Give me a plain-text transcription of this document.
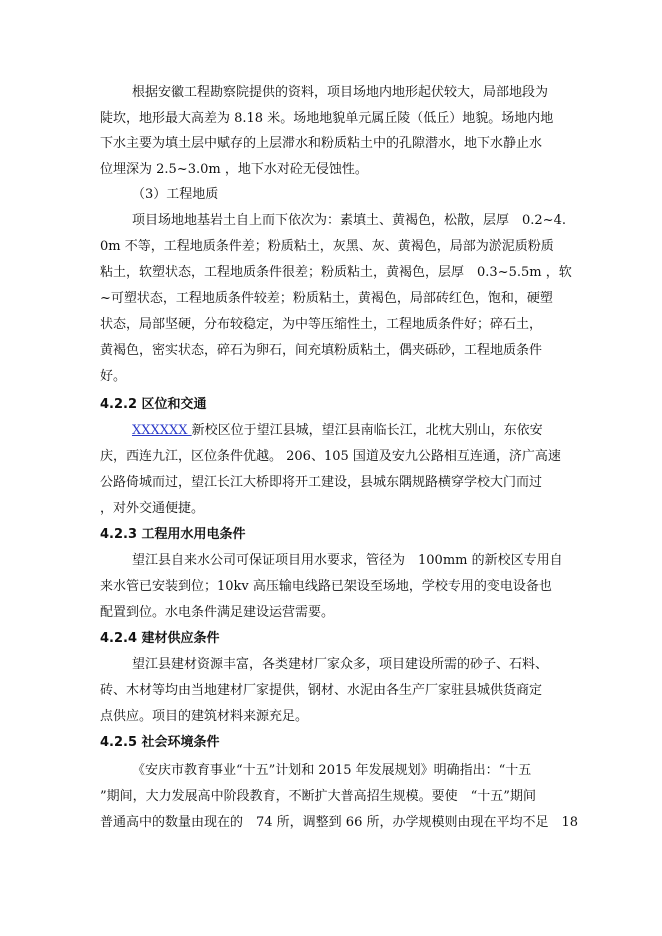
根据安徽工程勘察院提供的资料，项目场地内地形起伏较大，局部地段为
陡坎，地形最大高差为 8.18 米。场地地貌单元属丘陵（低丘）地貌。场地内地
下水主要为填土层中赋存的上层滞水和粉质粘土中的孔隙潜水，地下水静止水
位埋深为 2.5~3.0m ，地下水对砼无侵蚀性。
（3）工程地质
项目场地地基岩土自上而下依次为：素填土、黄褐色，松散，层厚　0.2~4.
0m 不等，工程地质条件差；粉质粘土，灰黑、灰、黄褐色，局部为淤泥质粉质
粘土，软塑状态，工程地质条件很差；粉质粘土，黄褐色，层厚　0.3~5.5m ，软
~可塑状态，工程地质条件较差；粉质粘土，黄褐色，局部砖红色，饱和，硬塑
状态，局部坚硬，分布较稳定，为中等压缩性土，工程地质条件好；碎石土，
黄褐色，密实状态，碎石为卵石，间充填粉质粘土，偶夹砾砂，工程地质条件
好。
4.2.2 区位和交通
XXXXXX 新校区位于望江县城，望江县南临长江，北枕大别山，东依安
庆，西连九江，区位条件优越。 206、105 国道及安九公路相互连通，济广高速
公路倚城而过，望江长江大桥即将开工建设，县城东隅规路横穿学校大门而过
，对外交通便捷。
4.2.3 工程用水用电条件
望江县自来水公司可保证项目用水要求，管径为　100mm 的新校区专用自
来水管已安装到位；10kv 高压输电线路已架设至场地，学校专用的变电设备也
配置到位。水电条件满足建设运营需要。
4.2.4 建材供应条件
望江县建材资源丰富，各类建材厂家众多，项目建设所需的砂子、石料、
砖、木材等均由当地建材厂家提供，钢材、水泥由各生产厂家驻县城供货商定
点供应。项目的建筑材料来源充足。
4.2.5 社会环境条件
《安庆市教育事业“十五”计划和 2015 年发展规划》明确指出：“十五
”期间，大力发展高中阶段教育，不断扩大普高招生规模。要使　“十五”期间
普通高中的数量由现在的　74 所，调整到 66 所，办学规模则由现在平均不足　18
